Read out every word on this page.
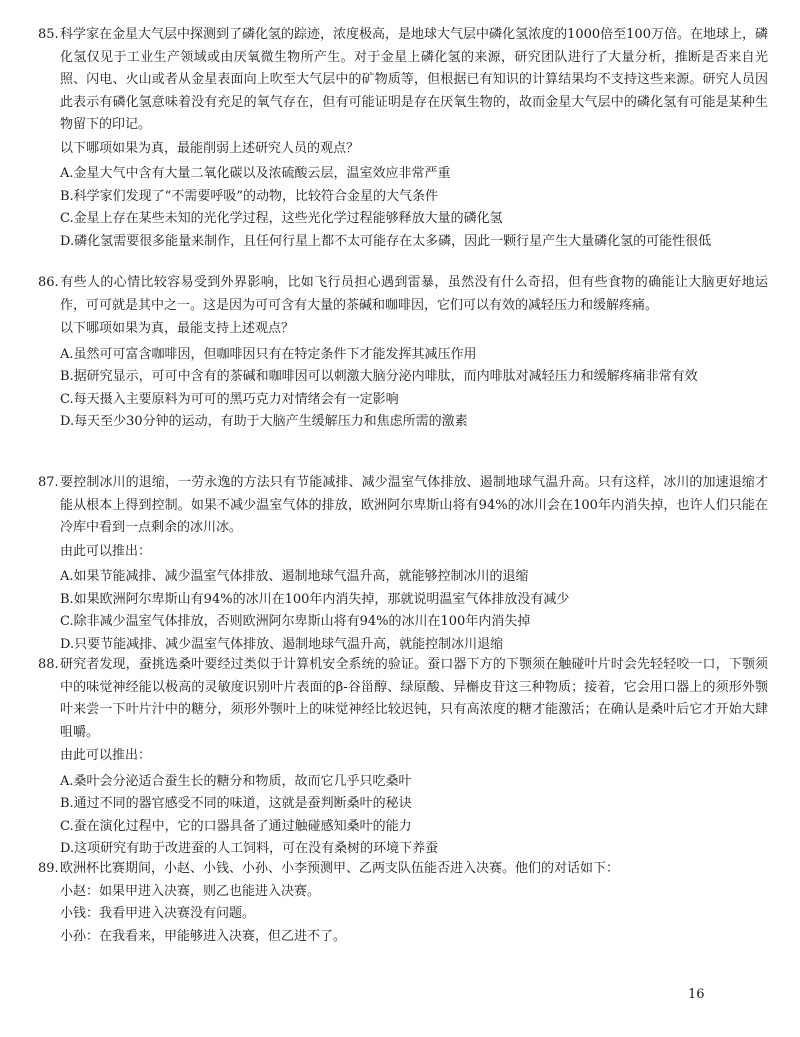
85.科学家在金星大气层中探测到了磷化氢的踪迹，浓度极高，是地球大气层中磷化氢浓度的1000倍至100万倍。在地球上，磷化氢仅见于工业生产领域或由厌氧微生物所产生。对于金星上磷化氢的来源，研究团队进行了大量分析，推断是否来自光照、闪电、火山或者从金星表面向上吹至大气层中的矿物质等，但根据已有知识的计算结果均不支持这些来源。研究人员因此表示有磷化氢意味着没有充足的氧气存在，但有可能证明是存在厌氧生物的，故而金星大气层中的磷化氢有可能是某种生物留下的印记。

以下哪项如果为真，最能削弱上述研究人员的观点？

A.金星大气中含有大量二氧化碳以及浓硫酸云层，温室效应非常严重
B.科学家们发现了“不需要呼吸”的动物，比较符合金星的大气条件
C.金星上存在某些未知的光化学过程，这些光化学过程能够释放大量的磷化氢
D.磷化氢需要很多能量来制作，且任何行星上都不太可能存在太多磷，因此一颗行星产生大量磷化氢的可能性很低

86.有些人的心情比较容易受到外界影响，比如飞行员担心遇到雷暴，虽然没有什么奇招，但有些食物的确能让大脑更好地运作，可可就是其中之一。这是因为可可含有大量的茶碱和咖啡因，它们可以有效的减轻压力和缓解疼痛。

以下哪项如果为真，最能支持上述观点？

A.虽然可可富含咖啡因，但咖啡因只有在特定条件下才能发挥其减压作用
B.据研究显示，可可中含有的茶碱和咖啡因可以刺激大脑分泌内啡肽，而内啡肽对减轻压力和缓解疼痛非常有效
C.每天摄入主要原料为可可的黑巧克力对情绪会有一定影响
D.每天至少30分钟的运动，有助于大脑产生缓解压力和焦虑所需的激素

87.要控制冰川的退缩，一劳永逸的方法只有节能减排、减少温室气体排放、遏制地球气温升高。只有这样，冰川的加速退缩才能从根本上得到控制。如果不减少温室气体的排放，欧洲阿尔卑斯山将有94%的冰川会在100年内消失掉，也许人们只能在冷库中看到一点剩余的冰川冰。

由此可以推出：

A.如果节能减排、减少温室气体排放、遏制地球气温升高，就能够控制冰川的退缩
B.如果欧洲阿尔卑斯山有94%的冰川在100年内消失掉，那就说明温室气体排放没有减少
C.除非减少温室气体排放，否则欧洲阿尔卑斯山将有94%的冰川在100年内消失掉
D.只要节能减排、减少温室气体排放、遏制地球气温升高，就能控制冰川退缩

88.研究者发现，蚕挑选桑叶要经过类似于计算机安全系统的验证。蚕口器下方的下颚须在触碰叶片时会先轻轻咬一口，下颚须中的味觉神经能以极高的灵敏度识别叶片表面的β-谷甾醇、绿原酸、异槲皮苷这三种物质；接着，它会用口器上的须形外颚叶来尝一下叶片汁中的糖分，须形外颚叶上的味觉神经比较迟钝，只有高浓度的糖才能激活；在确认是桑叶后它才开始大肆咀嚼。

由此可以推出：

A.桑叶会分泌适合蚕生长的糖分和物质，故而它几乎只吃桑叶
B.通过不同的器官感受不同的味道，这就是蚕判断桑叶的秘诀
C.蚕在演化过程中，它的口器具备了通过触碰感知桑叶的能力
D.这项研究有助于改进蚕的人工饲料，可在没有桑树的环境下养蚕

89.欧洲杯比赛期间，小赵、小钱、小孙、小李预测甲、乙两支队伍能否进入决赛。他们的对话如下：

小赵：如果甲进入决赛，则乙也能进入决赛。

小钱：我看甲进入决赛没有问题。

小孙：在我看来，甲能够进入决赛，但乙进不了。

16
